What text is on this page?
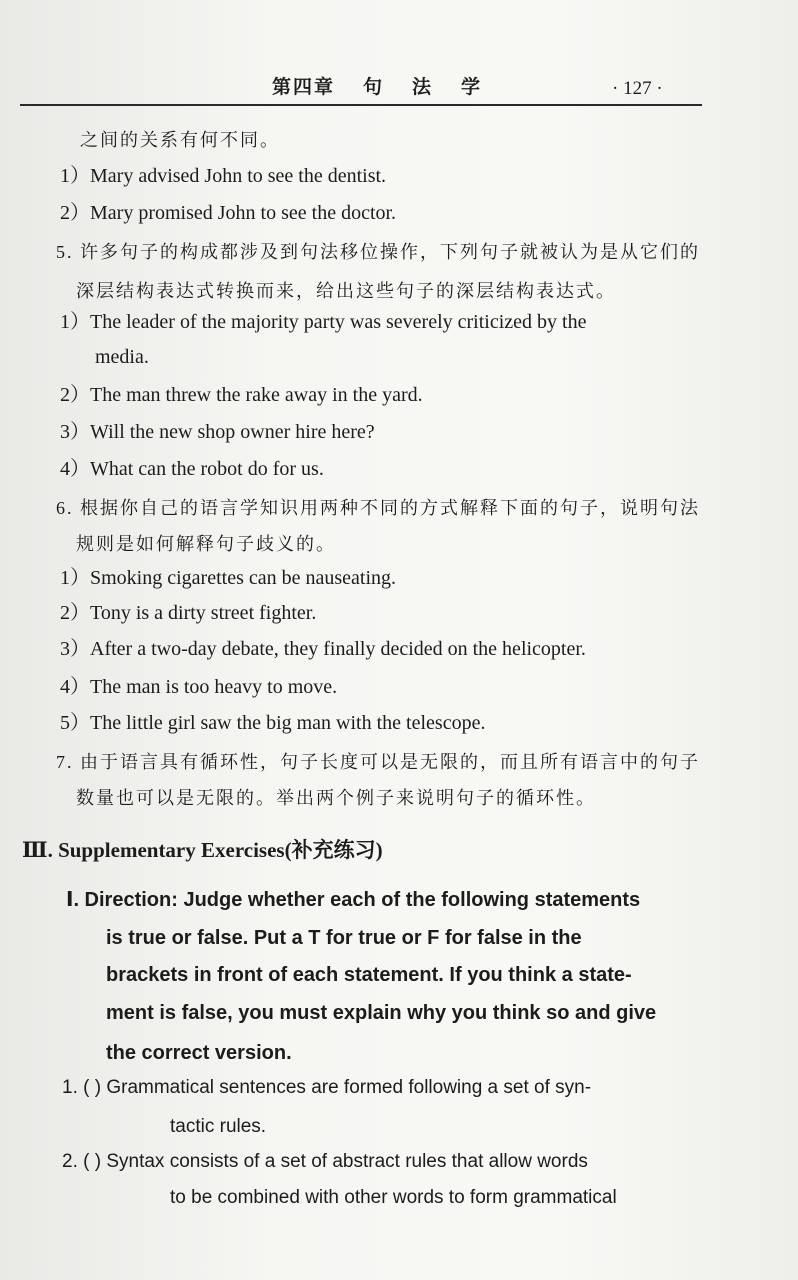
第四章 句 法 学	· 127 ·
之间的关系有何不同。
1）Mary advised John to see the dentist.
2）Mary promised John to see the doctor.
5. 许多句子的构成都涉及到句法移位操作，下列句子就被认为是从它们的
深层结构表达式转换而来，给出这些句子的深层结构表达式。
1）The leader of the majority party was severely criticized by the
media.
2）The man threw the rake away in the yard.
3）Will the new shop owner hire here?
4）What can the robot do for us.
6. 根据你自己的语言学知识用两种不同的方式解释下面的句子，说明句法
规则是如何解释句子歧义的。
1）Smoking cigarettes can be nauseating.
2）Tony is a dirty street fighter.
3）After a two-day debate, they finally decided on the helicopter.
4）The man is too heavy to move.
5）The little girl saw the big man with the telescope.
7. 由于语言具有循环性，句子长度可以是无限的，而且所有语言中的句子
数量也可以是无限的。举出两个例子来说明句子的循环性。
Ⅲ. Supplementary Exercises(补充练习)
Ⅰ. Direction: Judge whether each of the following statements
is true or false. Put a T for true or F for false in the
brackets in front of each statement. If you think a state-
ment is false, you must explain why you think so and give
the correct version.
1. ( ) Grammatical sentences are formed following a set of syn-
tactic rules.
2. ( ) Syntax consists of a set of abstract rules that allow words
to be combined with other words to form grammatical
